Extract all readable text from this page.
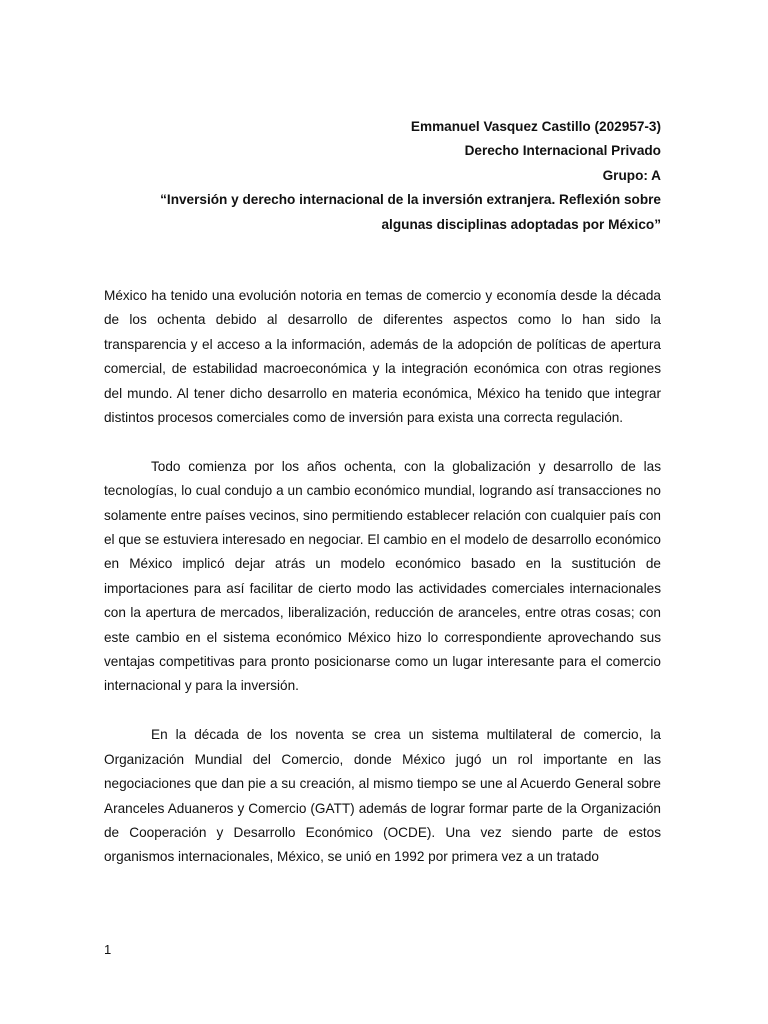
Emmanuel Vasquez Castillo (202957-3)
Derecho Internacional Privado
Grupo: A
“Inversión y derecho internacional de la inversión extranjera. Reflexión sobre
algunas disciplinas adoptadas por México”

México ha tenido una evolución notoria en temas de comercio y economía desde la década de los ochenta debido al desarrollo de diferentes aspectos como lo han sido la transparencia y el acceso a la información, además de la adopción de políticas de apertura comercial, de estabilidad macroeconómica y la integración económica con otras regiones del mundo. Al tener dicho desarrollo en materia económica, México ha tenido que integrar distintos procesos comerciales como de inversión para exista una correcta regulación.

Todo comienza por los años ochenta, con la globalización y desarrollo de las tecnologías, lo cual condujo a un cambio económico mundial, logrando así transacciones no solamente entre países vecinos, sino permitiendo establecer relación con cualquier país con el que se estuviera interesado en negociar. El cambio en el modelo de desarrollo económico en México implicó dejar atrás un modelo económico basado en la sustitución de importaciones para así facilitar de cierto modo las actividades comerciales internacionales con la apertura de mercados, liberalización, reducción de aranceles, entre otras cosas; con este cambio en el sistema económico México hizo lo correspondiente aprovechando sus ventajas competitivas para pronto posicionarse como un lugar interesante para el comercio internacional y para la inversión.

En la década de los noventa se crea un sistema multilateral de comercio, la Organización Mundial del Comercio, donde México jugó un rol importante en las negociaciones que dan pie a su creación, al mismo tiempo se une al Acuerdo General sobre Aranceles Aduaneros y Comercio (GATT) además de lograr formar parte de la Organización de Cooperación y Desarrollo Económico (OCDE). Una vez siendo parte de estos organismos internacionales, México, se unió en 1992 por primera vez a un tratado

1
